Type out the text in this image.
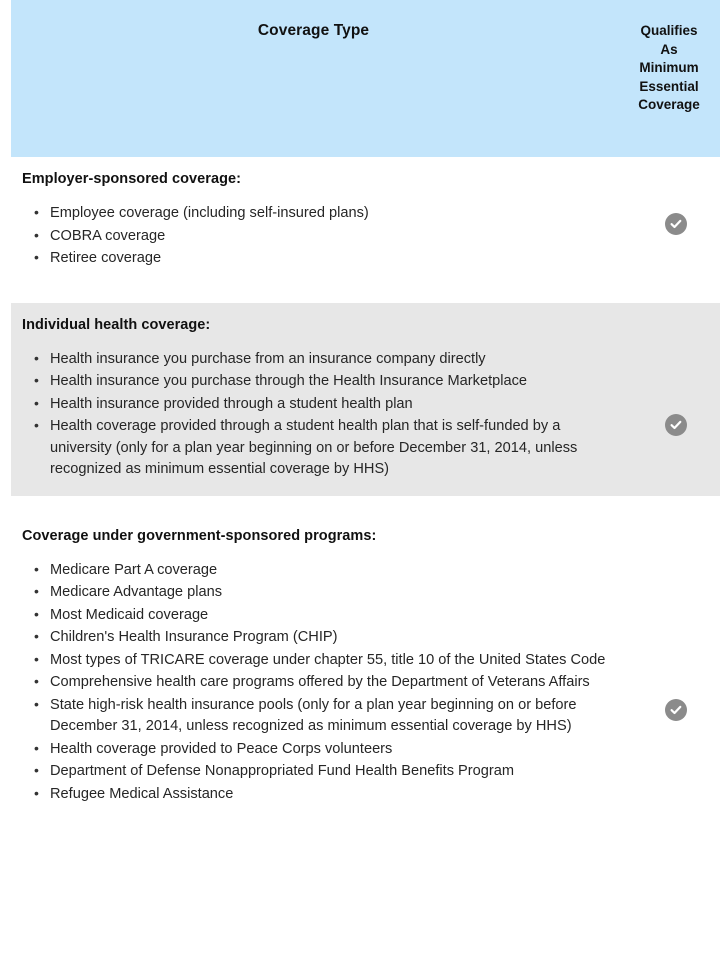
Coverage Type	Qualifies
As
Minimum
Essential
Coverage
Employer-sponsored coverage:
• Employee coverage (including self-insured plans)
• COBRA coverage
• Retiree coverage
Individual health coverage:
• Health insurance you purchase from an insurance company directly
• Health insurance you purchase through the Health Insurance Marketplace
• Health insurance provided through a student health plan
• Health coverage provided through a student health plan that is self-funded by a university (only for a plan year beginning on or before December 31, 2014, unless recognized as minimum essential coverage by HHS)
Coverage under government-sponsored programs:
• Medicare Part A coverage
• Medicare Advantage plans
• Most Medicaid coverage
• Children's Health Insurance Program (CHIP)
• Most types of TRICARE coverage under chapter 55, title 10 of the United States Code
• Comprehensive health care programs offered by the Department of Veterans Affairs
• State high-risk health insurance pools (only for a plan year beginning on or before December 31, 2014, unless recognized as minimum essential coverage by HHS)
• Health coverage provided to Peace Corps volunteers
• Department of Defense Nonappropriated Fund Health Benefits Program
• Refugee Medical Assistance
